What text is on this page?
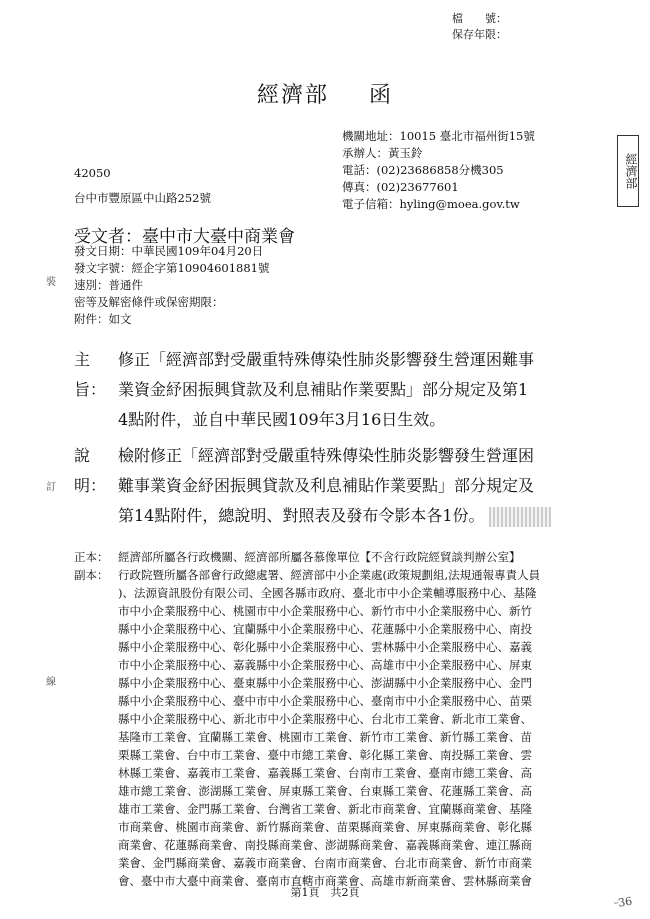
檔　　號：
保存年限：
經濟部 函
機關地址：10015 臺北市福州街15號
承辦人：黃玉鈴
電話：(02)23686858分機305
傳真：(02)23677601
電子信箱：hyling@moea.gov.tw
經濟部
42050
台中市豐原區中山路252號
受文者：臺中市大臺中商業會
發文日期：中華民國109年04月20日
發文字號：經企字第10904601881號
速別：普通件
密等及解密條件或保密期限：
附件：如文
裝
訂
線
主旨：
修正「經濟部對受嚴重特殊傳染性肺炎影響發生營運困難事
業資金紓困振興貸款及利息補貼作業要點」部分規定及第1
4點附件，並自中華民國109年3月16日生效。
說明：
檢附修正「經濟部對受嚴重特殊傳染性肺炎影響發生營運困
難事業資金紓困振興貸款及利息補貼作業要點」部分規定及
第14點附件，總說明、對照表及發布令影本各1份。
正本： 經濟部所屬各行政機關、經濟部所屬各慕像單位【不含行政院經貿談判辦公室】
副本： 行政院暨所屬各部會行政總處署、經濟部中小企業處(政策規劃組,法規通報專責人員
)、法源資訊股份有限公司、全國各縣市政府、臺北市中小企業輔導服務中心、基隆
市中小企業服務中心、桃園市中小企業服務中心、新竹市中小企業服務中心、新竹
縣中小企業服務中心、宜蘭縣中小企業服務中心、花蓮縣中小企業服務中心、南投
縣中小企業服務中心、彰化縣中小企業服務中心、雲林縣中小企業服務中心、嘉義
市中小企業服務中心、嘉義縣中小企業服務中心、高雄市中小企業服務中心、屏東
縣中小企業服務中心、臺東縣中小企業服務中心、澎湖縣中小企業服務中心、金門
縣中小企業服務中心、臺中市中小企業服務中心、臺南市中小企業服務中心、苗栗
縣中小企業服務中心、新北市中小企業服務中心、台北市工業會、新北市工業會、
基隆市工業會、宜蘭縣工業會、桃園市工業會、新竹市工業會、新竹縣工業會、苗
栗縣工業會、台中市工業會、臺中市總工業會、彰化縣工業會、南投縣工業會、雲
林縣工業會、嘉義市工業會、嘉義縣工業會、台南市工業會、臺南市總工業會、高
雄市總工業會、澎湖縣工業會、屏東縣工業會、台東縣工業會、花蓮縣工業會、高
雄市工業會、金門縣工業會、台灣省工業會、新北市商業會、宜蘭縣商業會、基隆
市商業會、桃園市商業會、新竹縣商業會、苗栗縣商業會、屏東縣商業會、彰化縣
商業會、花蓮縣商業會、南投縣商業會、澎湖縣商業會、嘉義縣商業會、連江縣商
業會、金門縣商業會、嘉義市商業會、台南市商業會、台北市商業會、新竹市商業
會、臺中市大臺中商業會、臺南市直轄市商業會、高雄市新商業會、雲林縣商業會
第1頁　共2頁
ᵕ36
